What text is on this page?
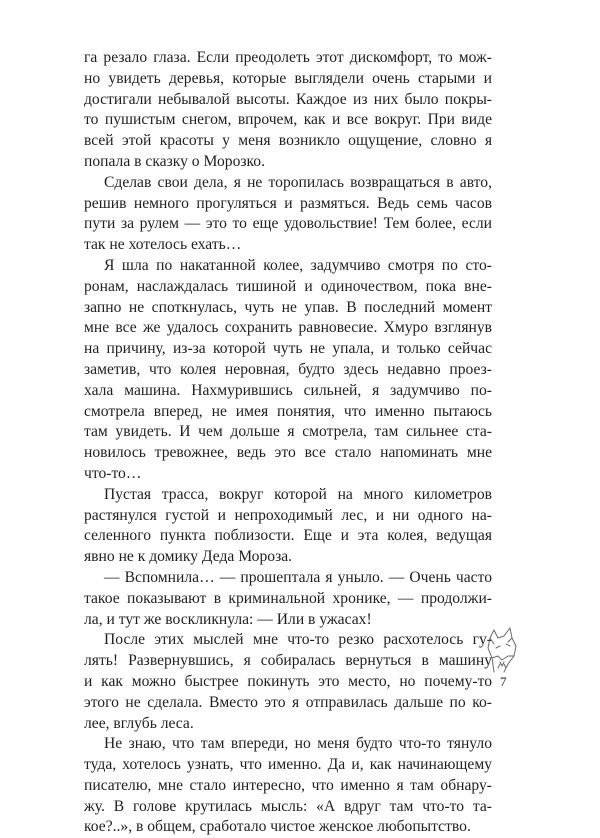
га резало глаза. Если преодолеть этот дискомфорт, то мож-
но увидеть деревья, которые выглядели очень старыми и
достигали небывалой высоты. Каждое из них было покры-
то пушистым снегом, впрочем, как и все вокруг. При виде
всей этой красоты у меня возникло ощущение, словно я
попала в сказку о Морозко.
Сделав свои дела, я не торопилась возвращаться в авто,
решив немного прогуляться и размяться. Ведь семь часов
пути за рулем — это то еще удовольствие! Тем более, если
так не хотелось ехать…
Я шла по накатанной колее, задумчиво смотря по сто-
ронам, наслаждалась тишиной и одиночеством, пока вне-
запно не споткнулась, чуть не упав. В последний момент
мне все же удалось сохранить равновесие. Хмуро взглянув
на причину, из-за которой чуть не упала, и только сейчас
заметив, что колея неровная, будто здесь недавно проез-
хала машина. Нахмурившись сильней, я задумчиво по-
смотрела вперед, не имея понятия, что именно пытаюсь
там увидеть. И чем дольше я смотрела, там сильнее ста-
новилось тревожнее, ведь это все стало напоминать мне
что-то…
Пустая трасса, вокруг которой на много километров
растянулся густой и непроходимый лес, и ни одного на-
селенного пункта поблизости. Еще и эта колея, ведущая
явно не к домику Деда Мороза.
— Вспомнила… — прошептала я уныло. — Очень часто
такое показывают в криминальной хронике, — продолжи-
ла, и тут же воскликнула: — Или в ужасах!
После этих мыслей мне что-то резко расхотелось гу-
лять! Развернувшись, я собиралась вернуться в машину
и как можно быстрее покинуть это место, но почему-то
этого не сделала. Вместо это я отправилась дальше по ко-
лее, вглубь леса.
Не знаю, что там впереди, но меня будто что-то тянуло
туда, хотелось узнать, что именно. Да и, как начинающему
писателю, мне стало интересно, что именно я там обнару-
жу. В голове крутилась мысль: «А вдруг там что-то та-
кое?..», в общем, сработало чистое женское любопытство.
7
